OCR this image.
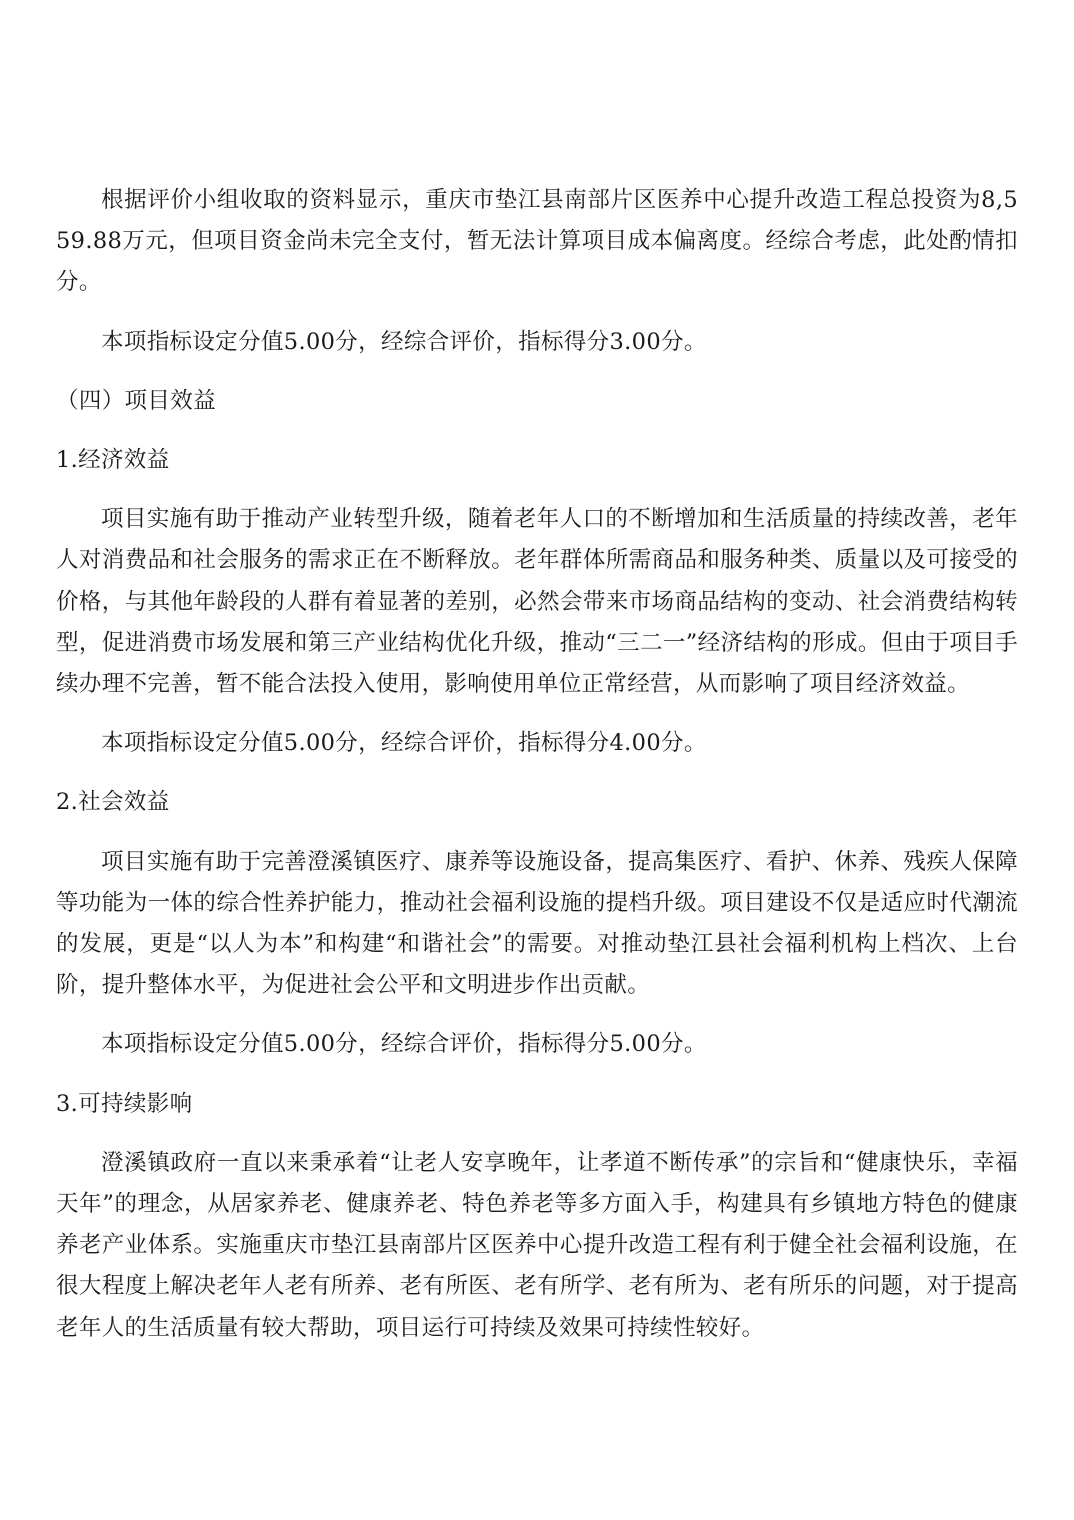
根据评价小组收取的资料显示，重庆市垫江县南部片区医养中心提升改造工程总投资为8,559.88万元，但项目资金尚未完全支付，暂无法计算项目成本偏离度。经综合考虑，此处酌情扣分。

本项指标设定分值5.00分，经综合评价，指标得分3.00分。

（四）项目效益

1.经济效益

项目实施有助于推动产业转型升级，随着老年人口的不断增加和生活质量的持续改善，老年人对消费品和社会服务的需求正在不断释放。老年群体所需商品和服务种类、质量以及可接受的价格，与其他年龄段的人群有着显著的差别，必然会带来市场商品结构的变动、社会消费结构转型，促进消费市场发展和第三产业结构优化升级，推动“三二一”经济结构的形成。但由于项目手续办理不完善，暂不能合法投入使用，影响使用单位正常经营，从而影响了项目经济效益。

本项指标设定分值5.00分，经综合评价，指标得分4.00分。

2.社会效益

项目实施有助于完善澄溪镇医疗、康养等设施设备，提高集医疗、看护、休养、残疾人保障等功能为一体的综合性养护能力，推动社会福利设施的提档升级。项目建设不仅是适应时代潮流的发展，更是“以人为本”和构建“和谐社会”的需要。对推动垫江县社会福利机构上档次、上台阶，提升整体水平，为促进社会公平和文明进步作出贡献。

本项指标设定分值5.00分，经综合评价，指标得分5.00分。

3.可持续影响

澄溪镇政府一直以来秉承着“让老人安享晚年，让孝道不断传承”的宗旨和“健康快乐，幸福天年”的理念，从居家养老、健康养老、特色养老等多方面入手，构建具有乡镇地方特色的健康养老产业体系。实施重庆市垫江县南部片区医养中心提升改造工程有利于健全社会福利设施，在很大程度上解决老年人老有所养、老有所医、老有所学、老有所为、老有所乐的问题，对于提高老年人的生活质量有较大帮助，项目运行可持续及效果可持续性较好。
